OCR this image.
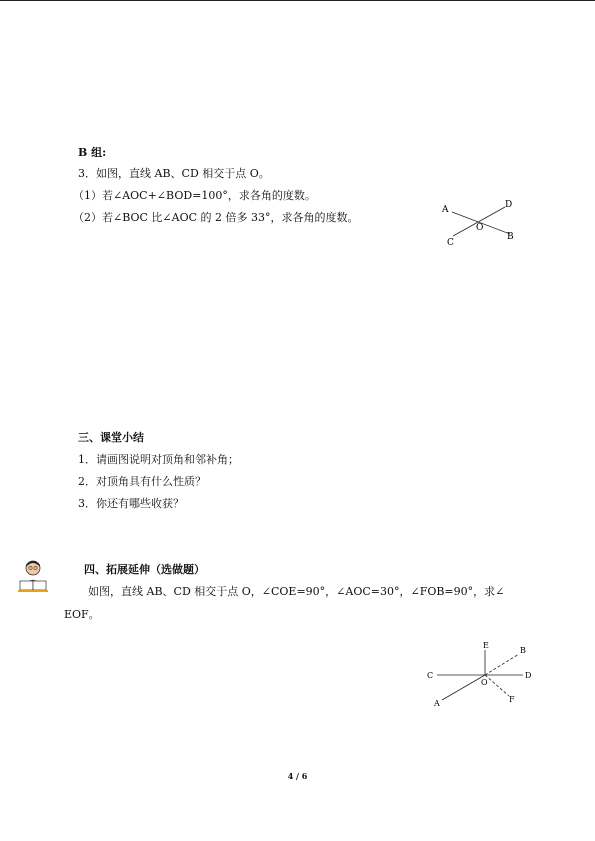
B 组:
3．如图，直线 AB、CD 相交于点 O。
（1）若∠AOC+∠BOD=100°，求各角的度数。
（2）若∠BOC 比∠AOC 的 2 倍多 33°，求各角的度数。
A	D
O
C
B
三、课堂小结
1．请画图说明对顶角和邻补角；
2．对顶角具有什么性质？
3．你还有哪些收获？
四、拓展延伸（选做题）
如图，直线 AB、CD 相交于点 O，∠COE=90°，∠AOC=30°，∠FOB=90°，求∠
EOF。
C
E
B
D
O
A	F
4 / 6
